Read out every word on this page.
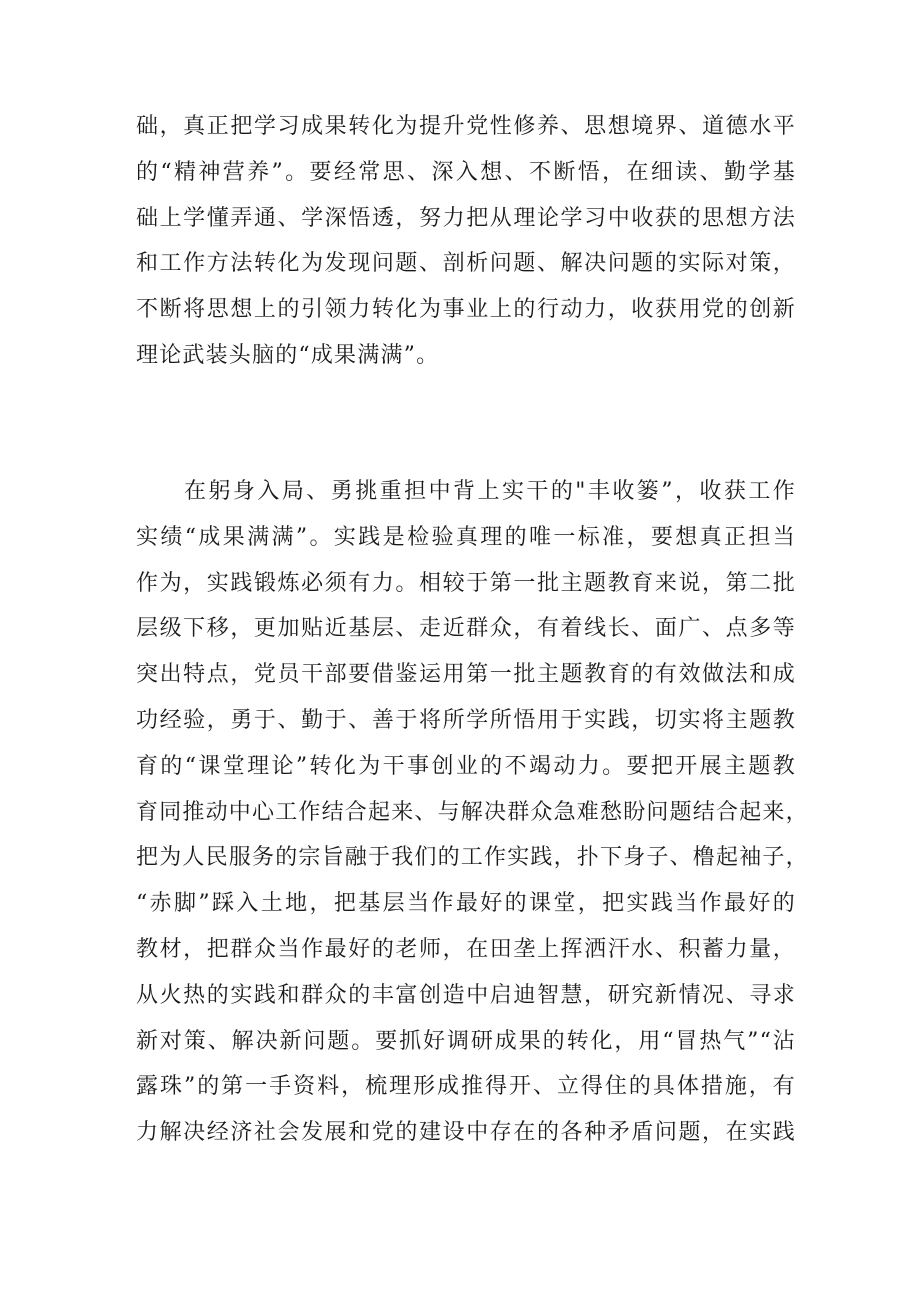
础，真正把学习成果转化为提升党性修养、思想境界、道德水平
的“精神营养”。要经常思、深入想、不断悟，在细读、勤学基
础上学懂弄通、学深悟透，努力把从理论学习中收获的思想方法
和工作方法转化为发现问题、剖析问题、解决问题的实际对策，
不断将思想上的引领力转化为事业上的行动力，收获用党的创新
理论武装头脑的“成果满满”。
在躬身入局、勇挑重担中背上实干的"丰收篓”，收获工作
实绩“成果满满”。实践是检验真理的唯一标准，要想真正担当
作为，实践锻炼必须有力。相较于第一批主题教育来说，第二批
层级下移，更加贴近基层、走近群众，有着线长、面广、点多等
突出特点，党员干部要借鉴运用第一批主题教育的有效做法和成
功经验，勇于、勤于、善于将所学所悟用于实践，切实将主题教
育的“课堂理论”转化为干事创业的不竭动力。要把开展主题教
育同推动中心工作结合起来、与解决群众急难愁盼问题结合起来，
把为人民服务的宗旨融于我们的工作实践，扑下身子、橹起袖子，
“赤脚”踩入土地，把基层当作最好的课堂，把实践当作最好的
教材，把群众当作最好的老师，在田垄上挥洒汗水、积蓄力量，
从火热的实践和群众的丰富创造中启迪智慧，研究新情况、寻求
新对策、解决新问题。要抓好调研成果的转化，用“冒热气”“沾
露珠”的第一手资料，梳理形成推得开、立得住的具体措施，有
力解决经济社会发展和党的建设中存在的各种矛盾问题，在实践
